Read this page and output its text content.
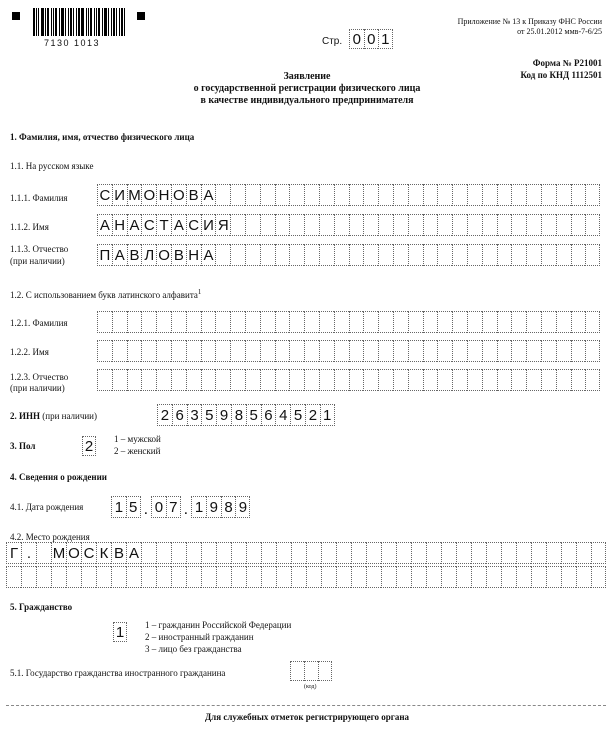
7130 1013	Стр. 0 0 1
Приложение № 13 к Приказу ФНС России
от 25.01.2012 ммв-7-6/25
Форма № Р21001
Код по КНД 1112501
Заявление
о государственной регистрации физического лица
в качестве индивидуального предпринимателя
1. Фамилия, имя, отчество физического лица
1.1. На русском языке
1.1.1. Фамилия С И М О Н О В А
1.1.2. Имя	А Н А С Т А С И Я
1.1.3. Отчество
(при наличии) П А В Л О В Н А
1.2. С использованием букв латинского алфавита$^1$
1.2.1. Фамилия
1.2.2. Имя
1.2.3. Отчество
(при наличии)
2. ИНН (при наличии)	2 6 3 5 9 8 5 6 4 5 2 1
3. Пол	2	1 – мужской
2 – женский
4. Сведения о рождении
4.1. Дата рождения 1 5 . 0 7 . 1 9 8 9
4.2. Место рождения
Г .	М О С К В А
5. Гражданство
1	1 – гражданин Российской Федерации
2 – иностранный гражданин
3 – лицо без гражданства
5.1. Государство гражданства иностранного гражданина
(код)
Для служебных отметок регистрирующего органа
